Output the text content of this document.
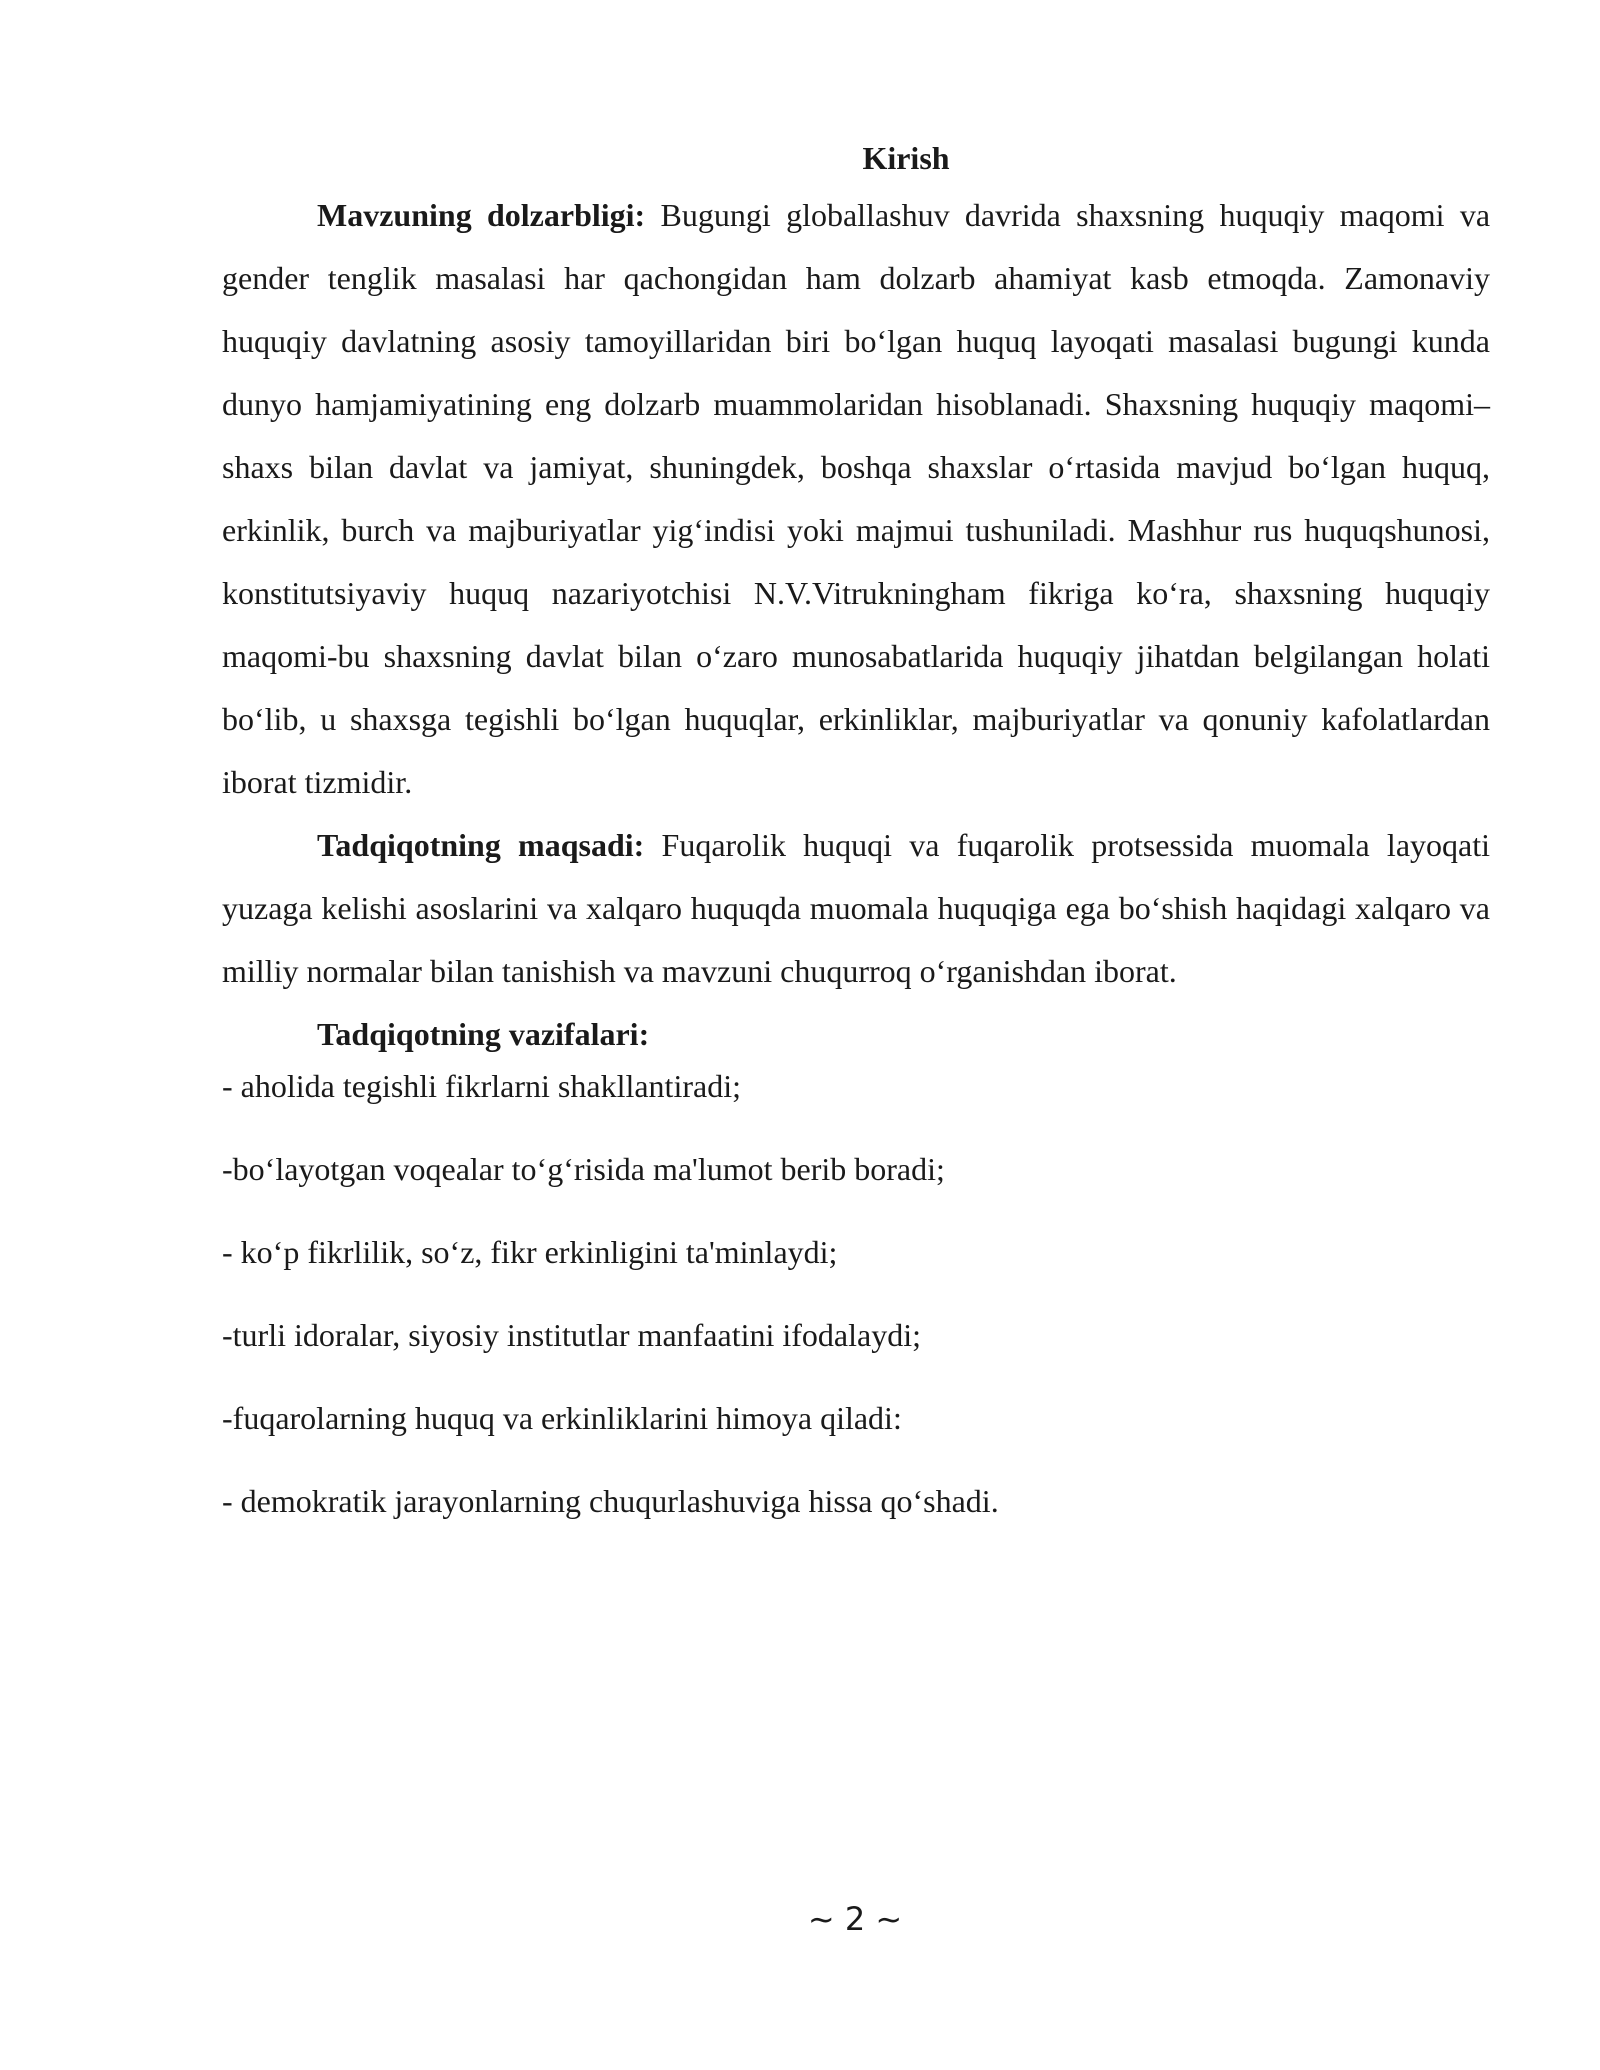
Kirish

Mavzuning dolzarbligi: Bugungi globallashuv davrida shaxsning huquqiy maqomi va gender tenglik masalasi har qachongidan ham dolzarb ahamiyat kasb etmoqda. Zamonaviy huquqiy davlatning asosiy tamoyillaridan biri bo‘lgan huquq layoqati masalasi bugungi kunda dunyo hamjamiyatining eng dolzarb muammolaridan hisoblanadi. Shaxsning huquqiy maqomi–shaxs bilan davlat va jamiyat, shuningdek, boshqa shaxslar o‘rtasida mavjud bo‘lgan huquq, erkinlik, burch va majburiyatlar yig‘indisi yoki majmui tushuniladi. Mashhur rus huquqshunosi, konstitutsiyaviy huquq nazariyotchisi N.V.Vitrukningham fikriga ko‘ra, shaxsning huquqiy maqomi-bu shaxsning davlat bilan o‘zaro munosabatlarida huquqiy jihatdan belgilangan holati bo‘lib, u shaxsga tegishli bo‘lgan huquqlar, erkinliklar, majburiyatlar va qonuniy kafolatlardan iborat tizmidir.

Tadqiqotning maqsadi: Fuqarolik huquqi va fuqarolik protsessida muomala layoqati yuzaga kelishi asoslarini va xalqaro huquqda muomala huquqiga ega bo‘shish haqidagi xalqaro va milliy normalar bilan tanishish va mavzuni chuqurroq o‘rganishdan iborat.

Tadqiqotning vazifalari:

- aholida tegishli fikrlarni shakllantiradi;
-bo‘layotgan voqealar to‘g‘risida ma'lumot berib boradi;
- ko‘p fikrlilik, so‘z, fikr erkinligini ta'minlaydi;
-turli idoralar, siyosiy institutlar manfaatini ifodalaydi;
-fuqarolarning huquq va erkinliklarini himoya qiladi:
- demokratik jarayonlarning chuqurlashuviga hissa qo‘shadi.
~ 2 ~
